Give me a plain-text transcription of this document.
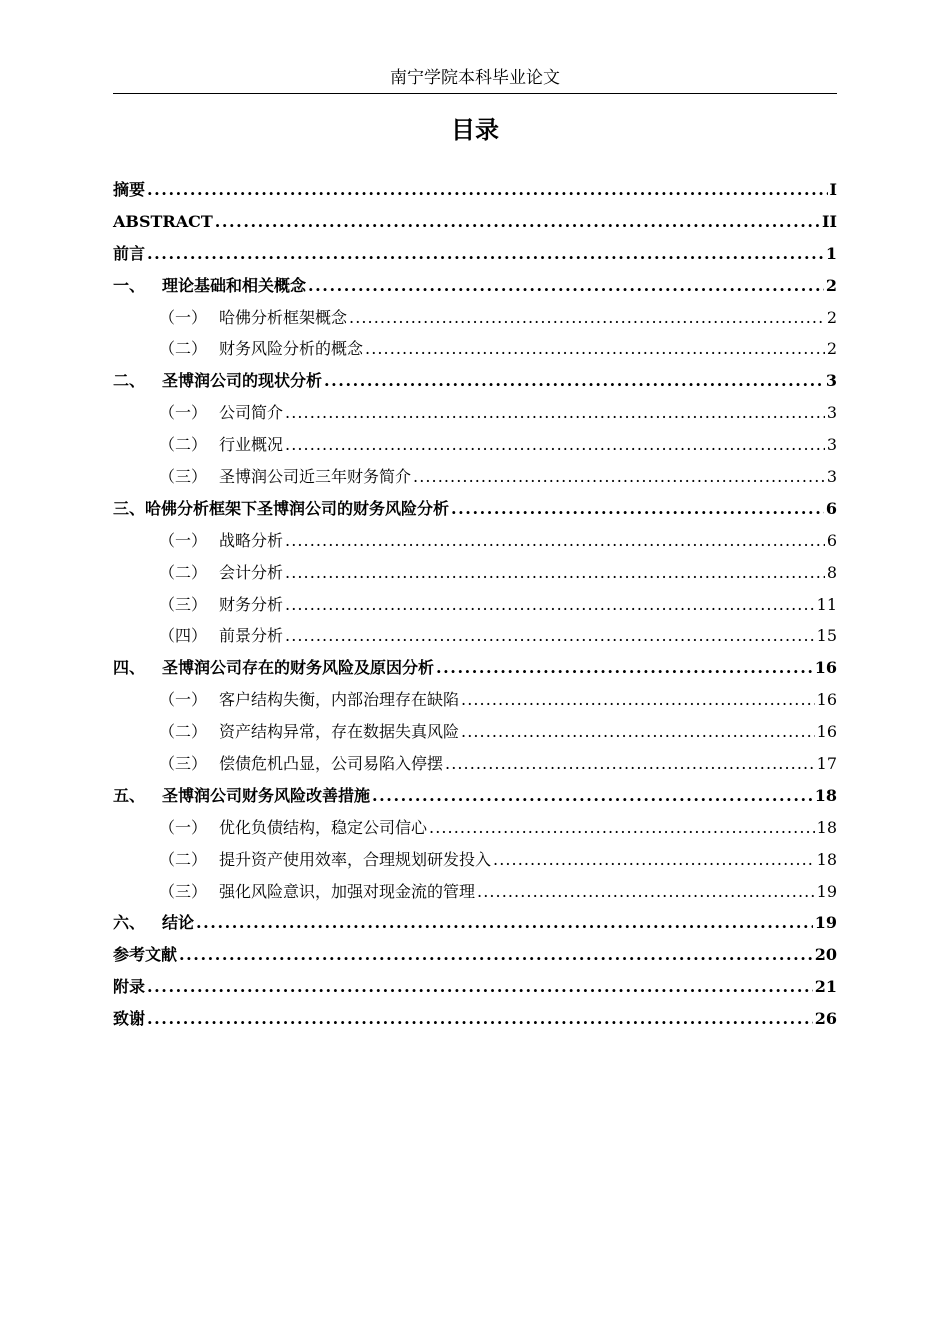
南宁学院本科毕业论文
目录
摘要 . . .	I
ABSTRACT . . .	II
前言 . . .	1
一、	理论基础和相关概念 . . .	2
（一） 哈佛分析框架概念 . . .	2
（二） 财务风险分析的概念 . . .	2
二、	圣博润公司的现状分析 . . .	3
（一） 公司简介 . . .	3
（二） 行业概况 . . .	3
（三） 圣博润公司近三年财务简介 . . .	3
三、哈佛分析框架下圣博润公司的财务风险分析 . . .	6
（一） 战略分析 . . .	6
（二） 会计分析 . . .	8
（三） 财务分析 . . .	11
（四） 前景分析 . . .	15
四、	圣博润公司存在的财务风险及原因分析 . . .	16
（一） 客户结构失衡，内部治理存在缺陷 . . .	16
（二） 资产结构异常，存在数据失真风险 . . .	16
（三） 偿债危机凸显，公司易陷入停摆 . . .	17
五、	圣博润公司财务风险改善措施 . . .	18
（一） 优化负债结构，稳定公司信心 . . .	18
（二） 提升资产使用效率，合理规划研发投入 . . .	18
（三） 强化风险意识，加强对现金流的管理 . . .	19
六、	结论 . . .	19
参考文献 . . .	20
附录 . . .	21
致谢 . . .	26
